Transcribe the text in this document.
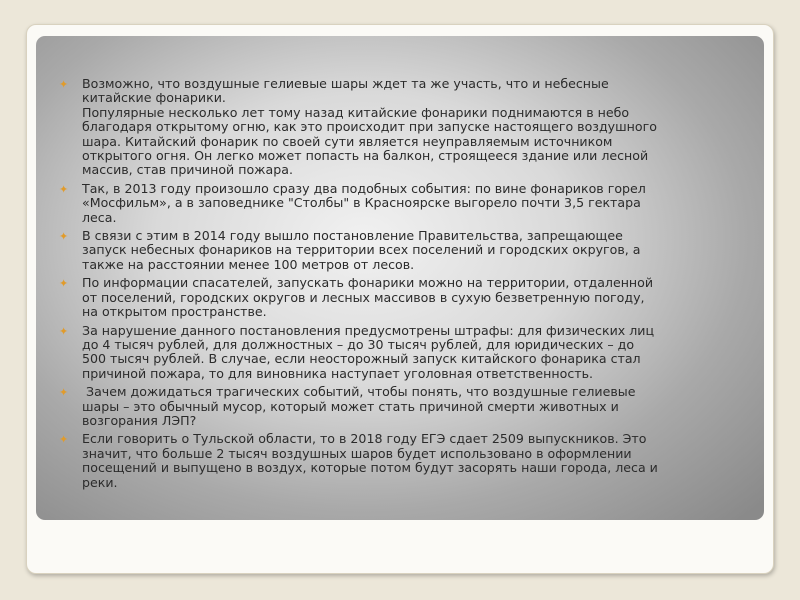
✦ Возможно, что воздушные гелиевые шары ждет та же участь, что и небесные
китайские фонарики.
Популярные несколько лет тому назад китайские фонарики поднимаются в небо
благодаря открытому огню, как это происходит при запуске настоящего воздушного
шара. Китайский фонарик по своей сути является неуправляемым источником
открытого огня. Он легко может попасть на балкон, строящееся здание или лесной
массив, став причиной пожара.
✦ Так, в 2013 году произошло сразу два подобных события: по вине фонариков горел
«Мосфильм», а в заповеднике "Столбы" в Красноярске выгорело почти 3,5 гектара
леса.
✦ В связи с этим в 2014 году вышло постановление Правительства, запрещающее
запуск небесных фонариков на территории всех поселений и городских округов, а
также на расстоянии менее 100 метров от лесов.
✦ По информации спасателей, запускать фонарики можно на территории, отдаленной
от поселений, городских округов и лесных массивов в сухую безветренную погоду,
на открытом пространстве.
✦ За нарушение данного постановления предусмотрены штрафы: для физических лиц
до 4 тысяч рублей, для должностных – до 30 тысяч рублей, для юридических – до
500 тысяч рублей. В случае, если неосторожный запуск китайского фонарика стал
причиной пожара, то для виновника наступает уголовная ответственность.
✦ Зачем дожидаться трагических событий, чтобы понять, что воздушные гелиевые
шары – это обычный мусор, который может стать причиной смерти животных и
возгорания ЛЭП?
✦ Если говорить о Тульской области, то в 2018 году ЕГЭ сдает 2509 выпускников. Это
значит, что больше 2 тысяч воздушных шаров будет использовано в оформлении
посещений и выпущено в воздух, которые потом будут засорять наши города, леса и
реки.
